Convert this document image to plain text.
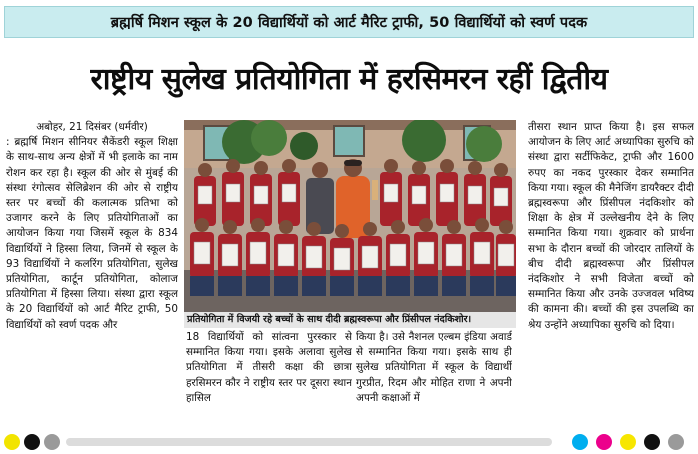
ब्रह्मर्षि मिशन स्कूल के 20 विद्यार्थियों को आर्ट मैरिट ट्राफी, 50 विद्यार्थियों को स्वर्ण पदक
राष्ट्रीय सुलेख प्रतियोगिता में हरसिमरन रहीं द्वितीय
अबोहर, 21 दिसंबर (धर्मवीर)
: ब्रह्मर्षि मिशन सीनियर सैकेंडरी स्कूल शिक्षा के साथ-साथ अन्य क्षेत्रों में भी इलाके का नाम रोशन कर रहा है। स्कूल की ओर से मुंबई की संस्था रंगोत्सव सेलिब्रेशन की ओर से राष्ट्रीय स्तर पर बच्चों की कलात्मक प्रतिभा को उजागर करने के लिए प्रतियोगिताओं का आयोजन किया गया जिसमें स्कूल के 834 विद्यार्थियों ने हिस्सा लिया, जिनमें से स्कूल के 93 विद्यार्थियों ने कलरिंग प्रतियोगिता, सुलेख प्रतियोगिता, कार्टून प्रतियोगिता, कोलाज प्रतियोगिता में हिस्सा लिया। संस्था द्वारा स्कूल के 20 विद्यार्थियों को आर्ट मैरिट ट्राफी, 50 विद्यार्थियों को स्वर्ण पदक और	प्रतियोगिता में विजयी रहे बच्चों के साथ दीदी ब्रह्मस्वरूपा और प्रिंसीपल नंदकिशोर।
18 विद्यार्थियों को सांत्वना पुरस्कार से सम्मानित किया गया। इसके अलावा सुलेख प्रतियोगिता में तीसरी कक्षा की छात्रा हरसिमरन कौर ने राष्ट्रीय स्तर पर दूसरा स्थान हासिल
किया है। उसे नैशनल एल्बम इंडिया अवार्ड से सम्मानित किया गया। इसके साथ ही सुलेख प्रतियोगिता में स्कूल के विद्यार्थी गुरप्रीत, रिदम और मोहित राणा ने अपनी अपनी कक्षाओं में
तीसरा स्थान प्राप्त किया है। इस सफल आयोजन के लिए आर्ट अध्यापिका सुरुचि को संस्था द्वारा सर्टीफिकेट, ट्राफी और 1600 रुपए का नकद पुरस्कार देकर सम्मानित किया गया। स्कूल की मैनेजिंग डायरैक्टर दीदी ब्रह्मस्वरूपा और प्रिंसीपल नंदकिशोर को शिक्षा के क्षेत्र में उल्लेखनीय देने के लिए सम्मानित किया गया। शुक्रवार को प्रार्थना सभा के दौरान बच्चों की जोरदार तालियों के बीच दीदी ब्रह्मस्वरूपा और प्रिंसीपल नंदकिशोर ने सभी विजेता बच्चों को सम्मानित किया और उनके उज्जवल भविष्य की कामना की। बच्चों की इस उपलब्धि का श्रेय उन्होंने अध्यापिका सुरुचि को दिया।
